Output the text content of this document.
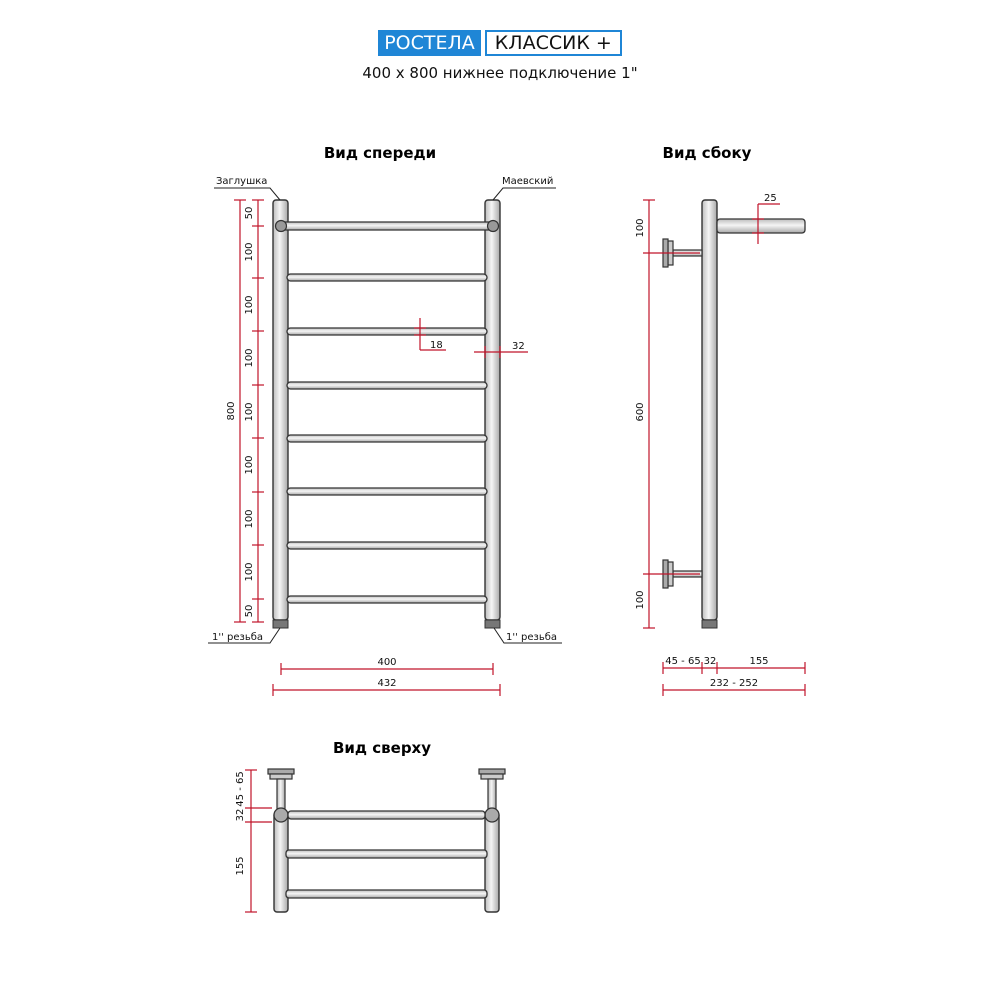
РОСТЕЛА	КЛАССИК +
400 x 800 нижнее подключение 1"
Вид спереди
Заглушка	Маевский
1'' резьба	1'' резьба
50
100
100
100
100
100
100
100
50
800
18	32
400
432
Вид сбоку
100
600
100
25
45 - 65 32	155
232 - 252
Вид сверху
45 - 65
32
155
